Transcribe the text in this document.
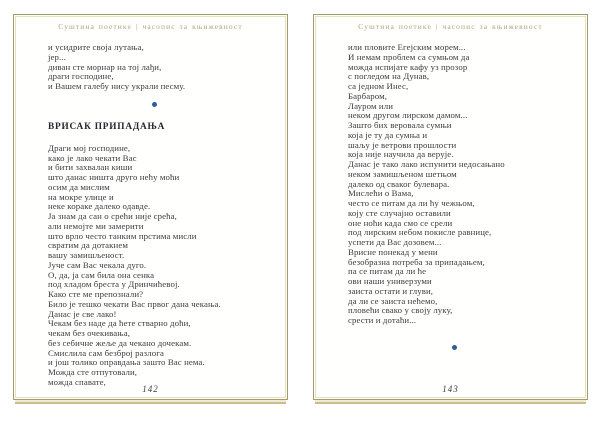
Суштина поетике | часопис за књижевност
и усидрите своја лутања,
јер...
диван сте морнар на тој лађи,
драги господине,
и Вашем галебу нису украли песму.
ВРИСАК ПРИПАДАЊА
Драги мој господине,
како је лако чекати Вас
и бити захвалан киши
што данас ништа друго нећу моћи
осим да мислим
на мокре улице и
неке кораке далеко одавде.
Ја знам да сан о срећи није срећа,
али немојте ми замерити
што врло често танким прстима мисли
свратим да дотакнем
вашу замишљеност.
Јуче сам Вас чекала дуго.
О, да, ја сам била она сенка
под хладом бреста у Дринчићевој.
Како сте ме препознали?
Било је тешко чекати Вас првог дана чекања.
Данас је све лако!
Чекам без наде да ћете стварно доћи,
чекам без очекивања,
без себичне жеље да чекано дочекам.
Смислила сам безброј разлога
и још толико оправдања зашто Вас нема.
Можда сте отпутовали,
можда спавате,
142
Суштина поетике | часопис за књижевност
или пловите Егејским морем...
И немам проблем са сумњом да
можда испијате кафу уз прозор
с погледом на Дунав,
са једном Инес,
Барбаром,
Лауром или
неком другом лирском дамом...
Зашто бих веровала сумњи
која је ту да сумња и
шаљу је ветрови прошлости
која није научила да верује.
Данас је тако лако испунити недосањано
неком замишљеном шетњом
далеко од сваког булевара.
Мислећи о Вама,
често се питам да ли ћу чежњом,
коју сте случајно оставили
оне ноћи када смо се срели
под лирским небом покисле равнице,
успети да Вас дозовем...
Врисне понекад у мени
безобразна потреба за припадањем,
па се питам да ли ће
ови наши универзуми
заиста остати и глуви,
да ли се заиста нећемо,
пловећи свако у своју луку,
срести и дотаћи...
143
